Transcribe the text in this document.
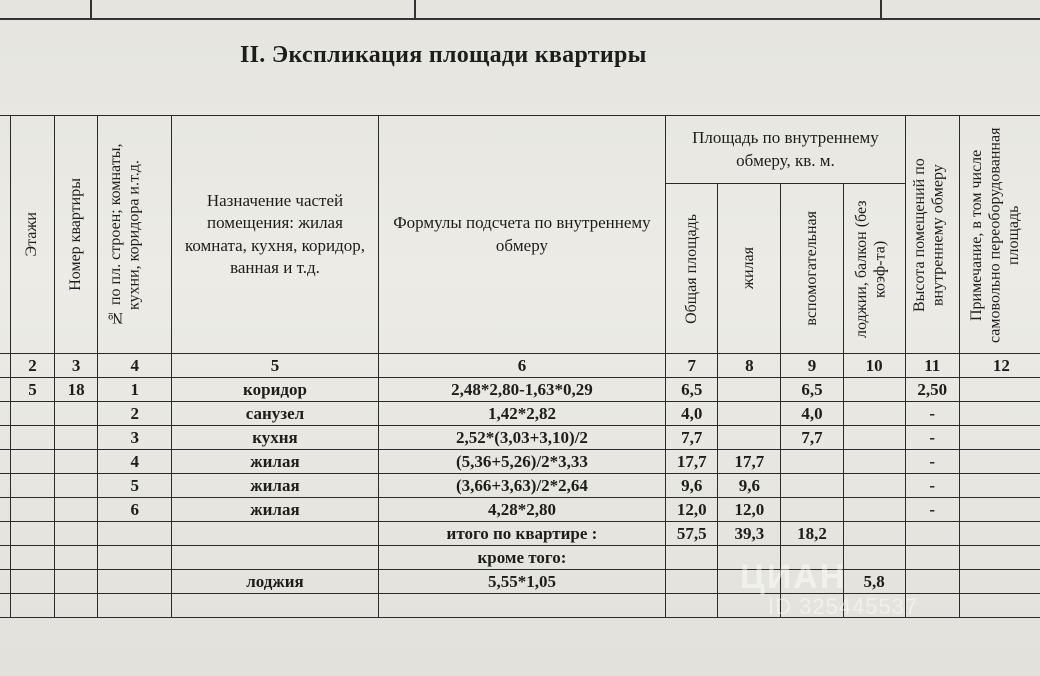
II. Экспликация площади квартиры

	Этажи	Номер квартиры	№ по пл. строен; комнаты, кухни, коридора и.т.д.	Назначение частей помещения: жилая комната, кухня, коридор, ванная и т.д.	Формулы подсчета по внутреннему обмеру	Площадь по внутреннему обмеру, кв. м.				Высота помещений по внутреннему обмеру	Примечание, в том числе самовольно переоборудованная площадь

						Общая площадь	жилая	вспомогательная	лоджии, балкон (без коэф-та)		

	2	3	4	5	6	7	8	9	10	11	12
	5	18	1	коридор	2,48*2,80-1,63*0,29	6,5		6,5		2,50	
			2	санузел	1,42*2,82	4,0		4,0		-	
			3	кухня	2,52*(3,03+3,10)/2	7,7		7,7		-	
			4	жилая	(5,36+5,26)/2*3,33	17,7	17,7			-	
			5	жилая	(3,66+3,63)/2*2,64	9,6	9,6			-	
			6	жилая	4,28*2,80	12,0	12,0			-	
					итого по квартире :	57,5	39,3	18,2			
					кроме того:						
				лоджия	5,55*1,05				5,8		

ЦИАН
ID 325445537
